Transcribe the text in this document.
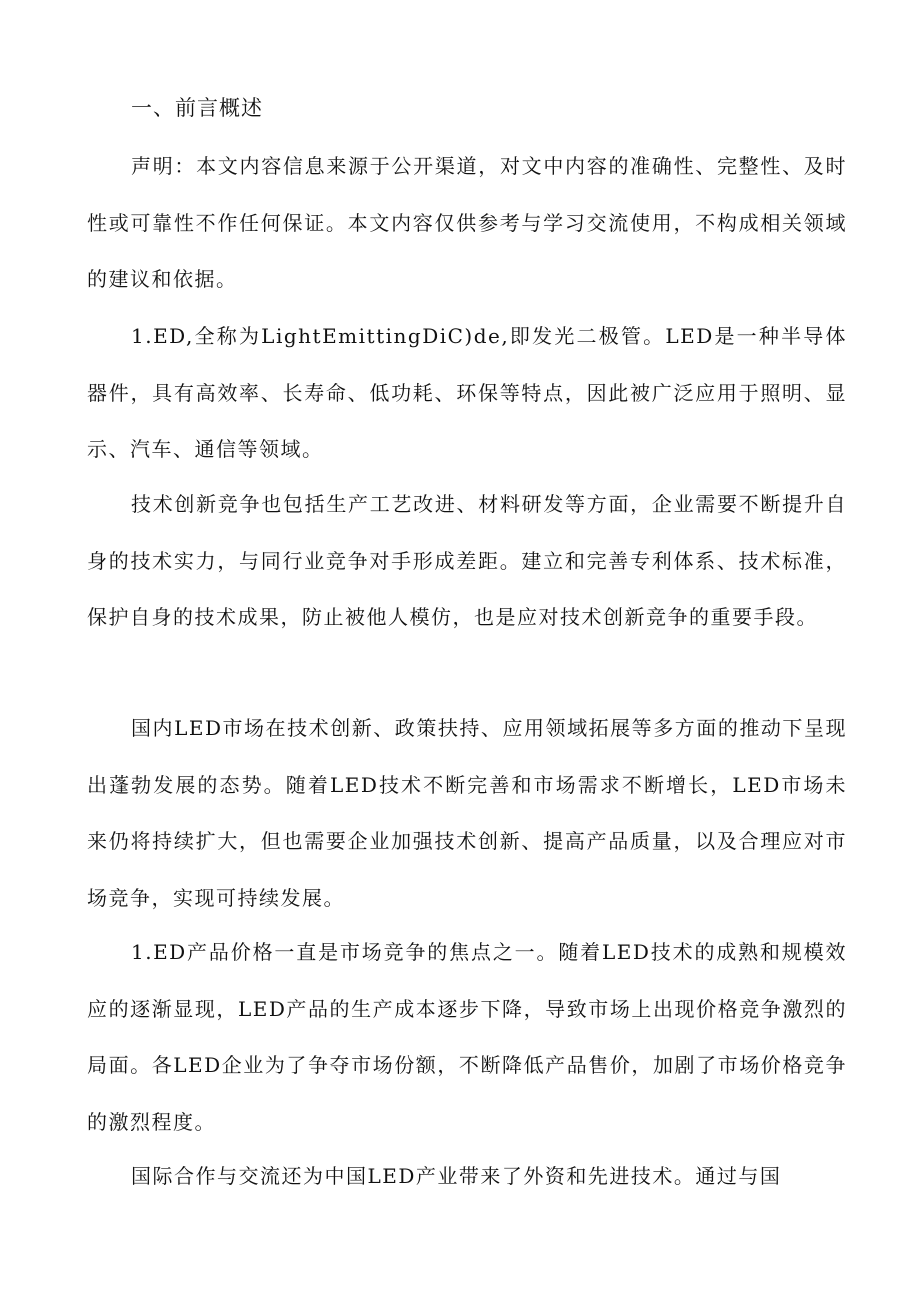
一、前言概述

声明：本文内容信息来源于公开渠道，对文中内容的准确性、完整性、及时性或可靠性不作任何保证。本文内容仅供参考与学习交流使用，不构成相关领域的建议和依据。

1.ED,全称为LightEmittingDiC)de,即发光二极管。LED是一种半导体器件，具有高效率、长寿命、低功耗、环保等特点，因此被广泛应用于照明、显示、汽车、通信等领域。

技术创新竞争也包括生产工艺改进、材料研发等方面，企业需要不断提升自身的技术实力，与同行业竞争对手形成差距。建立和完善专利体系、技术标准，保护自身的技术成果，防止被他人模仿，也是应对技术创新竞争的重要手段。

国内LED市场在技术创新、政策扶持、应用领域拓展等多方面的推动下呈现出蓬勃发展的态势。随着LED技术不断完善和市场需求不断增长，LED市场未来仍将持续扩大，但也需要企业加强技术创新、提高产品质量，以及合理应对市场竞争，实现可持续发展。

1.ED产品价格一直是市场竞争的焦点之一。随着LED技术的成熟和规模效应的逐渐显现，LED产品的生产成本逐步下降，导致市场上出现价格竞争激烈的局面。各LED企业为了争夺市场份额，不断降低产品售价，加剧了市场价格竞争的激烈程度。

国际合作与交流还为中国LED产业带来了外资和先进技术。通过与国
